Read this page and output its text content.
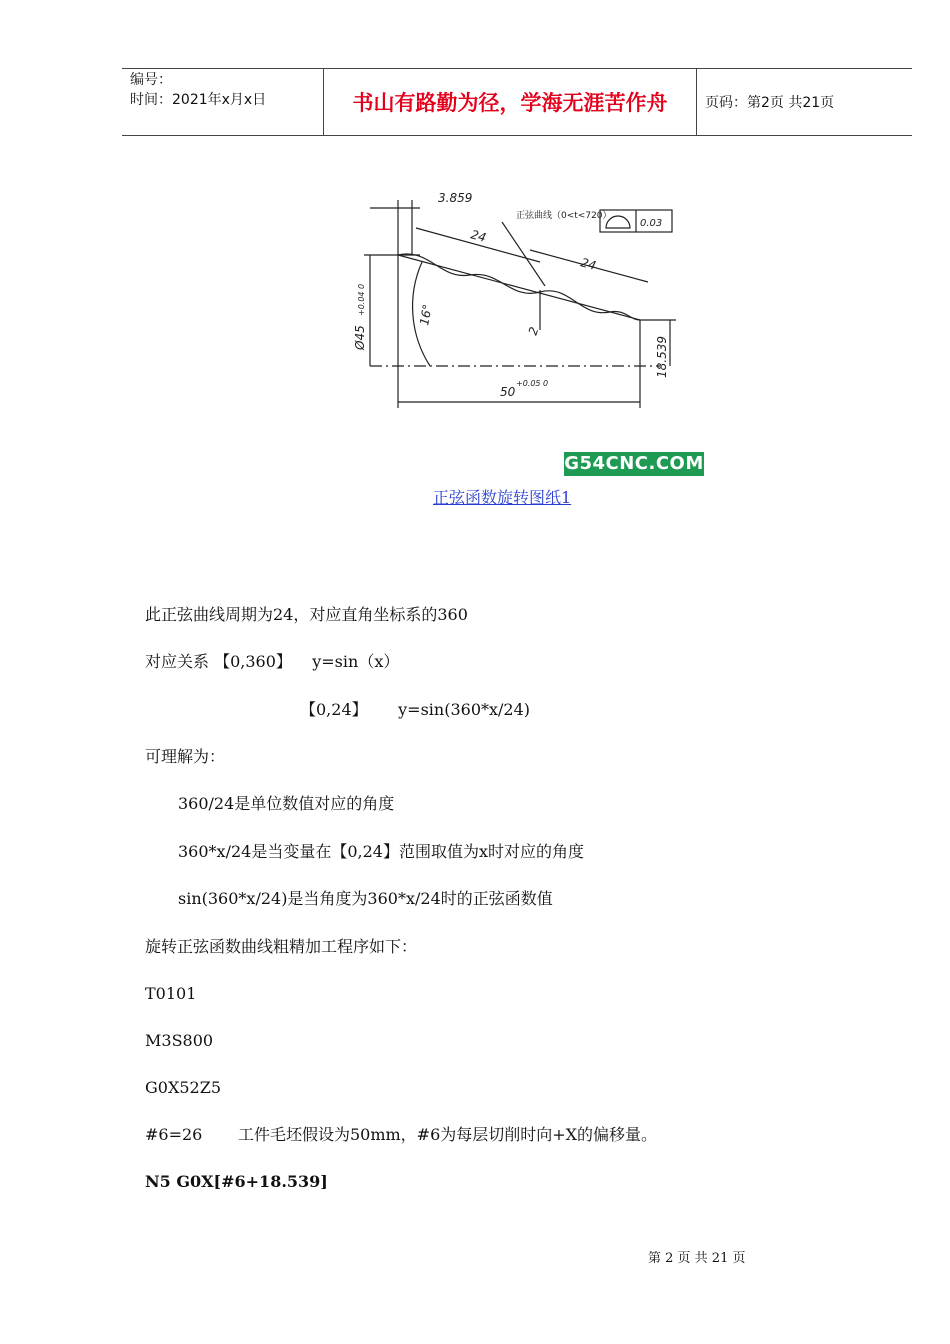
编号：
时间：2021年x月x日	书山有路勤为径，学海无涯苦作舟	页码：第2页 共21页
3.859
24
24
正弦曲线（0<t<720）
0.03
Ø45
+0.04 0	16°
2
18.539
50
+0.05 0
G54CNC.COM
正弦函数旋转图纸1
此正弦曲线周期为24，对应直角坐标系的360
对应关系 【0,360】    y=sin（x）
【0,24】      y=sin(360*x/24)
可理解为：
360/24是单位数值对应的角度
360*x/24是当变量在【0,24】范围取值为x时对应的角度
sin(360*x/24)是当角度为360*x/24时的正弦函数值
旋转正弦函数曲线粗精加工程序如下：
T0101
M3S800
G0X52Z5
#6=26       工件毛坯假设为50mm，#6为每层切削时向+X的偏移量。
N5 G0X[#6+18.539]
第 2 页 共 21 页
